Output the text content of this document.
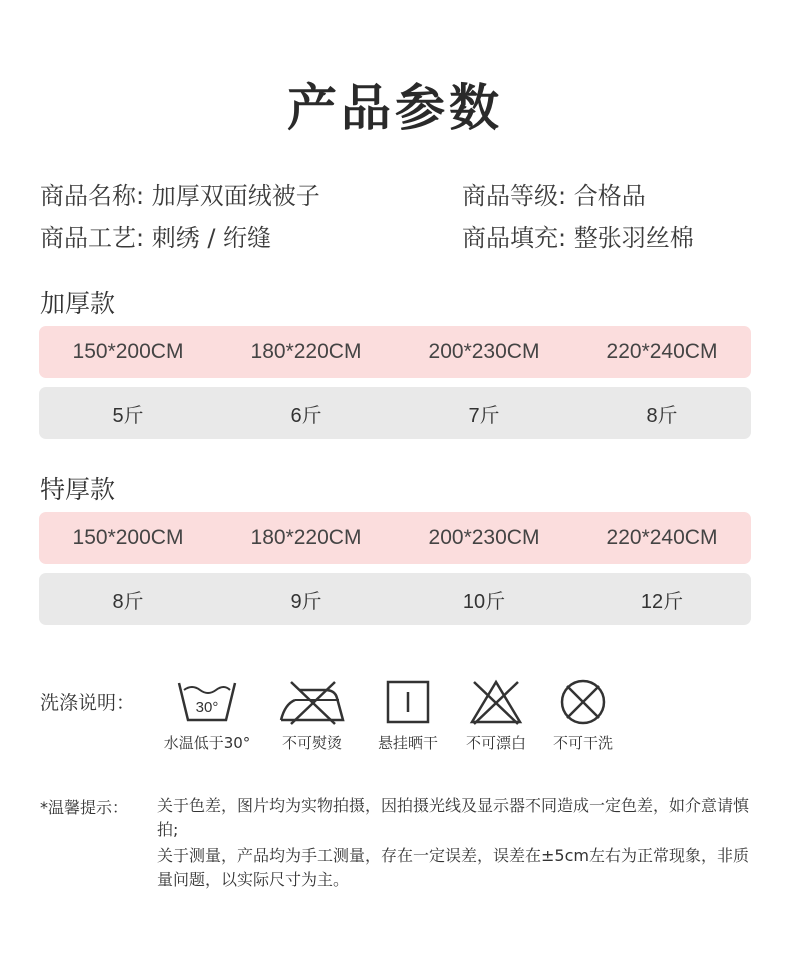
产品参数
商品名称: 加厚双面绒被子	商品等级: 合格品
商品工艺: 刺绣 / 绗缝	商品填充: 整张羽丝棉
加厚款
150*200CM	180*220CM	200*230CM	220*240CM
5斤	6斤	7斤	8斤
特厚款
150*200CM	180*220CM	200*230CM	220*240CM
8斤	9斤	10斤	12斤
洗涤说明：	30°
水温低于30°	不可熨烫	悬挂晒干	不可漂白	不可干洗
*温馨提示： 关于色差，图片均为实物拍摄，因拍摄光线及显示器不同造成一定色差，如介意请慎拍;
关于测量，产品均为手工测量，存在一定误差，误差在±5cm左右为正常现象，非质量问题，以实际尺寸为主。
